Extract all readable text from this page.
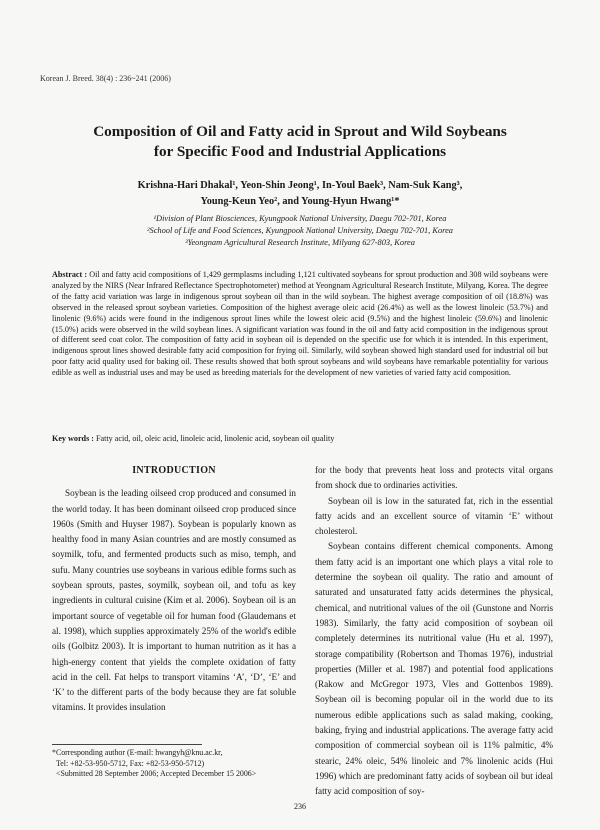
Korean J. Breed. 38(4) : 236~241 (2006)
Composition of Oil and Fatty acid in Sprout and Wild Soybeans
for Specific Food and Industrial Applications
Krishna-Hari Dhakal¹, Yeon-Shin Jeong¹, In-Youl Baek³, Nam-Suk Kang³,
Young-Keun Yeo², and Young-Hyun Hwang¹*
¹Division of Plant Biosciences, Kyungpook National University, Daegu 702-701, Korea
²School of Life and Food Sciences, Kyungpook National University, Daegu 702-701, Korea
³Yeongnam Agricultural Research Institute, Milyang 627-803, Korea
Abstract : Oil and fatty acid compositions of 1,429 germplasms including 1,121 cultivated soybeans for sprout production and 308 wild soybeans were analyzed by the NIRS (Near Infrared Reflectance Spectrophotometer) method at Yeongnam Agricultural Research Institute, Milyang, Korea. The degree of the fatty acid variation was large in indigenous sprout soybean oil than in the wild soybean. The highest average composition of oil (18.8%) was observed in the released sprout soybean varieties. Composition of the highest average oleic acid (26.4%) as well as the lowest linoleic (53.7%) and linolenic (9.6%) acids were found in the indigenous sprout lines while the lowest oleic acid (9.5%) and the highest linoleic (59.6%) and linolenic (15.0%) acids were observed in the wild soybean lines. A significant variation was found in the oil and fatty acid composition in the indigenous sprout of different seed coat color. The composition of fatty acid in soybean oil is depended on the specific use for which it is intended. In this experiment, indigenous sprout lines showed desirable fatty acid composition for frying oil. Similarly, wild soybean showed high standard used for industrial oil but poor fatty acid quality used for baking oil. These results showed that both sprout soybeans and wild soybeans have remarkable potentiality for various edible as well as industrial uses and may be used as breeding materials for the development of new varieties of varied fatty acid composition.
Key words : Fatty acid, oil, oleic acid, linoleic acid, linolenic acid, soybean oil quality

INTRODUCTION

Soybean is the leading oilseed crop produced and consumed in the world today. It has been dominant oilseed crop produced since 1960s (Smith and Huyser 1987). Soybean is popularly known as healthy food in many Asian countries and are mostly consumed as soymilk, tofu, and fermented products such as miso, temph, and sufu. Many countries use soybeans in various edible forms such as soybean sprouts, pastes, soymilk, soybean oil, and tofu as key ingredients in cultural cuisine (Kim et al. 2006). Soybean oil is an important source of vegetable oil for human food (Glaudemans et al. 1998), which supplies approximately 25% of the world's edible oils (Golbitz 2003). It is important to human nutrition as it has a high-energy content that yields the complete oxidation of fatty acid in the cell. Fat helps to transport vitamins ‘A’, ‘D’, ‘E’ and ‘K’ to the different parts of the body because they are fat soluble vitamins. It provides insulation

for the body that prevents heat loss and protects vital organs from shock due to ordinaries activities.

Soybean oil is low in the saturated fat, rich in the essential fatty acids and an excellent source of vitamin ‘E’ without cholesterol.

Soybean contains different chemical components. Among them fatty acid is an important one which plays a vital role to determine the soybean oil quality. The ratio and amount of saturated and unsaturated fatty acids determines the physical, chemical, and nutritional values of the oil (Gunstone and Norris 1983). Similarly, the fatty acid composition of soybean oil completely determines its nutritional value (Hu et al. 1997), storage compatibility (Robertson and Thomas 1976), industrial properties (Miller et al. 1987) and potential food applications (Rakow and McGregor 1973, Vles and Gottenbos 1989). Soybean oil is becoming popular oil in the world due to its numerous edible applications such as salad making, cooking, baking, frying and industrial applications. The average fatty acid composition of commercial soybean oil is 11% palmitic, 4% stearic, 24% oleic, 54% linoleic and 7% linolenic acids (Hui 1996) which are predominant fatty acids of soybean oil but ideal fatty acid composition of soy-

*Corresponding author (E-mail: hwangyh@knu.ac.kr,
Tel: +82-53-950-5712, Fax: +82-53-950-5712)
<Submitted 28 September 2006; Accepted December 15 2006>
236
